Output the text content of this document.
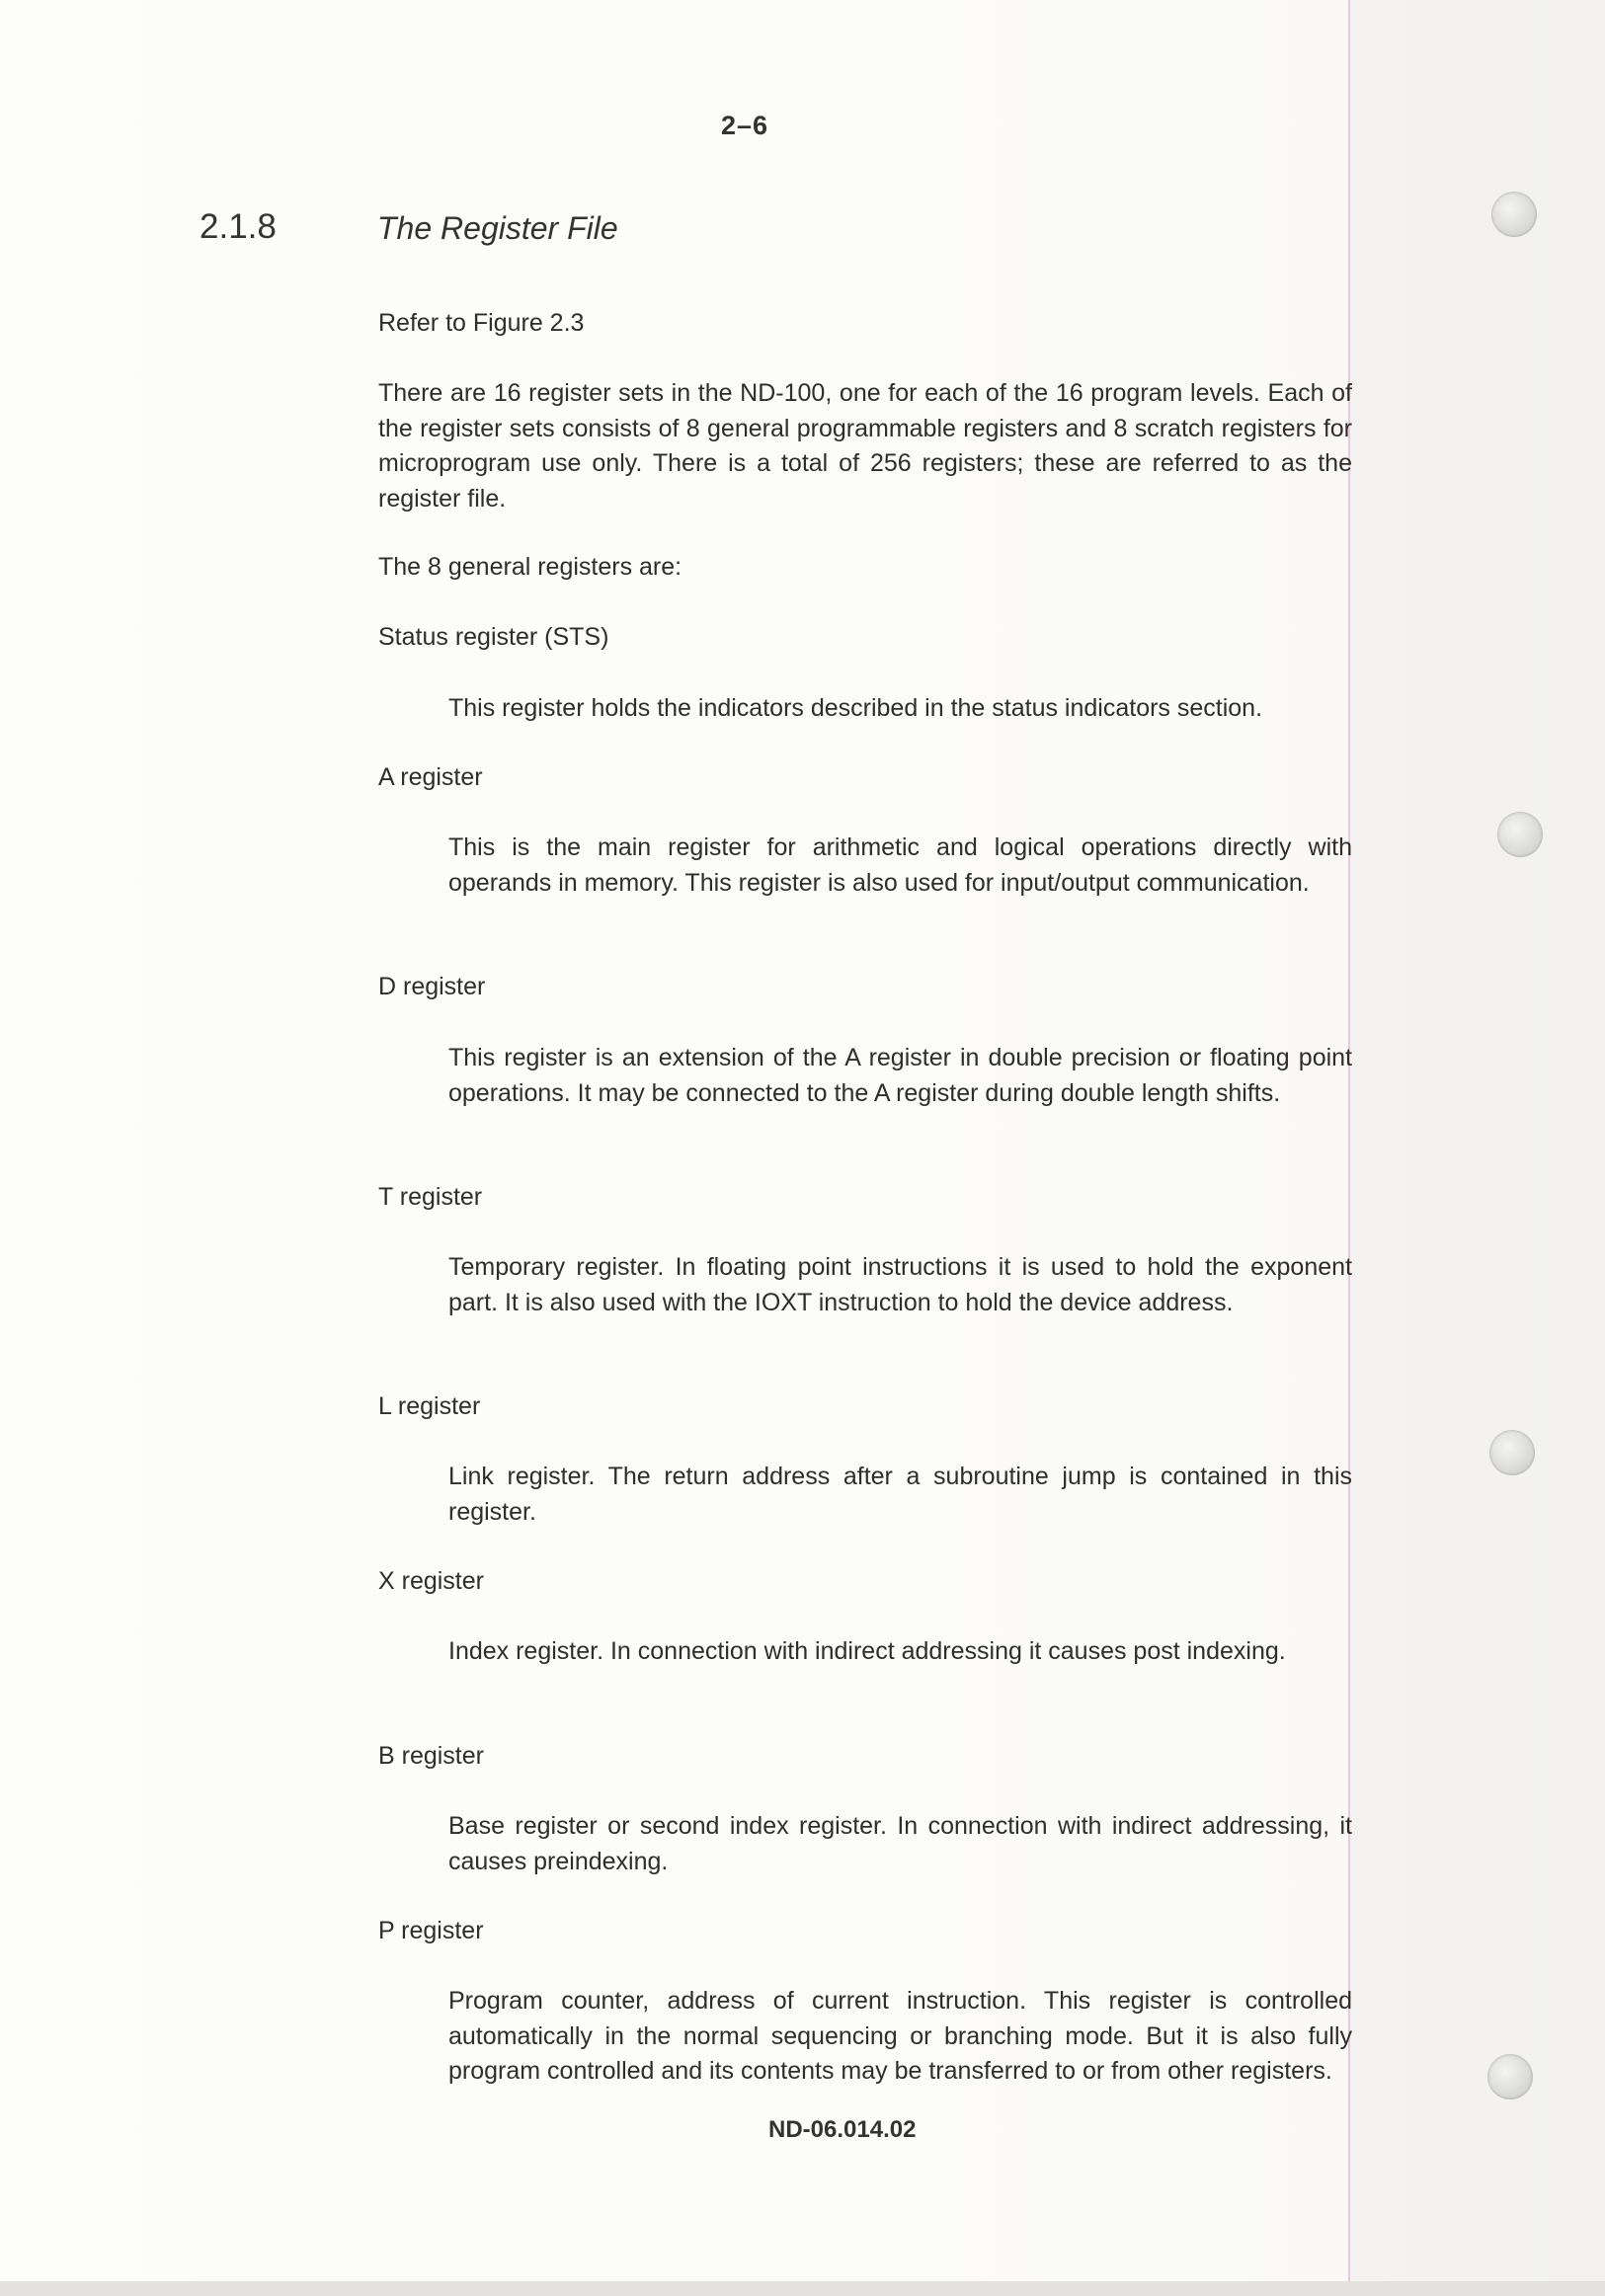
2–6
2.1.8	The Register File
Refer to Figure 2.3
There are 16 register sets in the ND-100, one for each of the 16 program levels. Each of the register sets consists of 8 general programmable registers and 8 scratch registers for microprogram use only. There is a total of 256 registers; these are referred to as the register file.
The 8 general registers are:
Status register (STS)
This register holds the indicators described in the status indicators section.
A register
This is the main register for arithmetic and logical operations directly with operands in memory. This register is also used for input/output communication.
D register
This register is an extension of the A register in double precision or floating point operations. It may be connected to the A register during double length shifts.
T register
Temporary register. In floating point instructions it is used to hold the exponent part. It is also used with the IOXT instruction to hold the device address.
L register
Link register. The return address after a subroutine jump is contained in this register.
X register
Index register. In connection with indirect addressing it causes post indexing.
B register
Base register or second index register. In connection with indirect addressing, it causes preindexing.
P register
Program counter, address of current instruction. This register is controlled automatically in the normal sequencing or branching mode. But it is also fully program controlled and its contents may be transferred to or from other registers.
ND-06.014.02
